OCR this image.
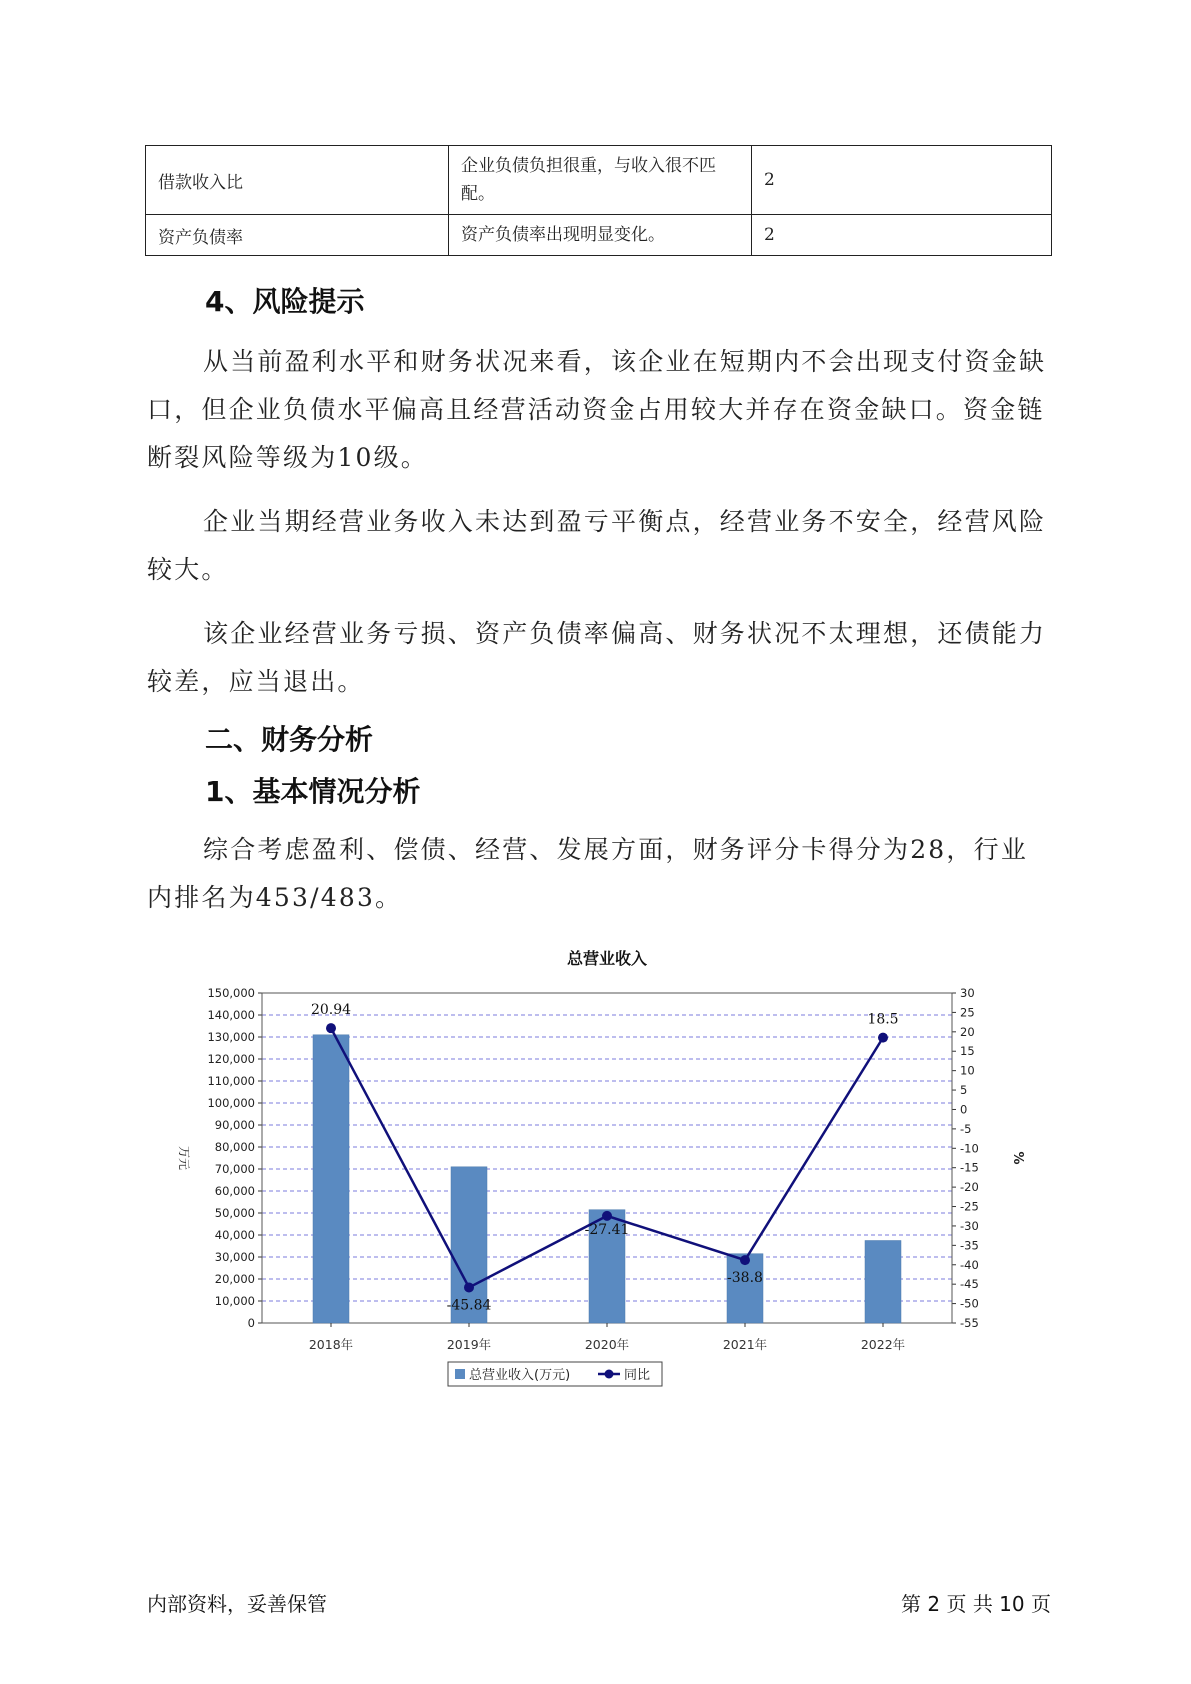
借款收入比	企业负债负担很重，与收入很不匹配。	2
资产负债率	资产负债率出现明显变化。	2
4、风险提示

从当前盈利水平和财务状况来看，该企业在短期内不会出现支付资金缺口，但企业负债水平偏高且经营活动资金占用较大并存在资金缺口。资金链断裂风险等级为10级。

企业当期经营业务收入未达到盈亏平衡点，经营业务不安全，经营风险较大。

该企业经营业务亏损、资产负债率偏高、财务状况不太理想，还债能力较差，应当退出。

二、财务分析
1、基本情况分析

综合考虑盈利、偿债、经营、发展方面，财务评分卡得分为28，行业内排名为453/483。

总营业收入
0
10,000
20,000
30,000
40,000
50,000
60,000
70,000
80,000
90,000
100,000
110,000
120,000
130,000
140,000
150,000	30
25
20
15
10
5
0
-5
-10
-15
-20
-25
-30
-35
-40
-45
-50
-55
万元	%
2018年	2019年	2020年	2021年	2022年
20.94
-45.84
-27.41
-38.8
18.5
总营业收入(万元)	同比
内部资料，妥善保管	第 2 页 共 10 页
